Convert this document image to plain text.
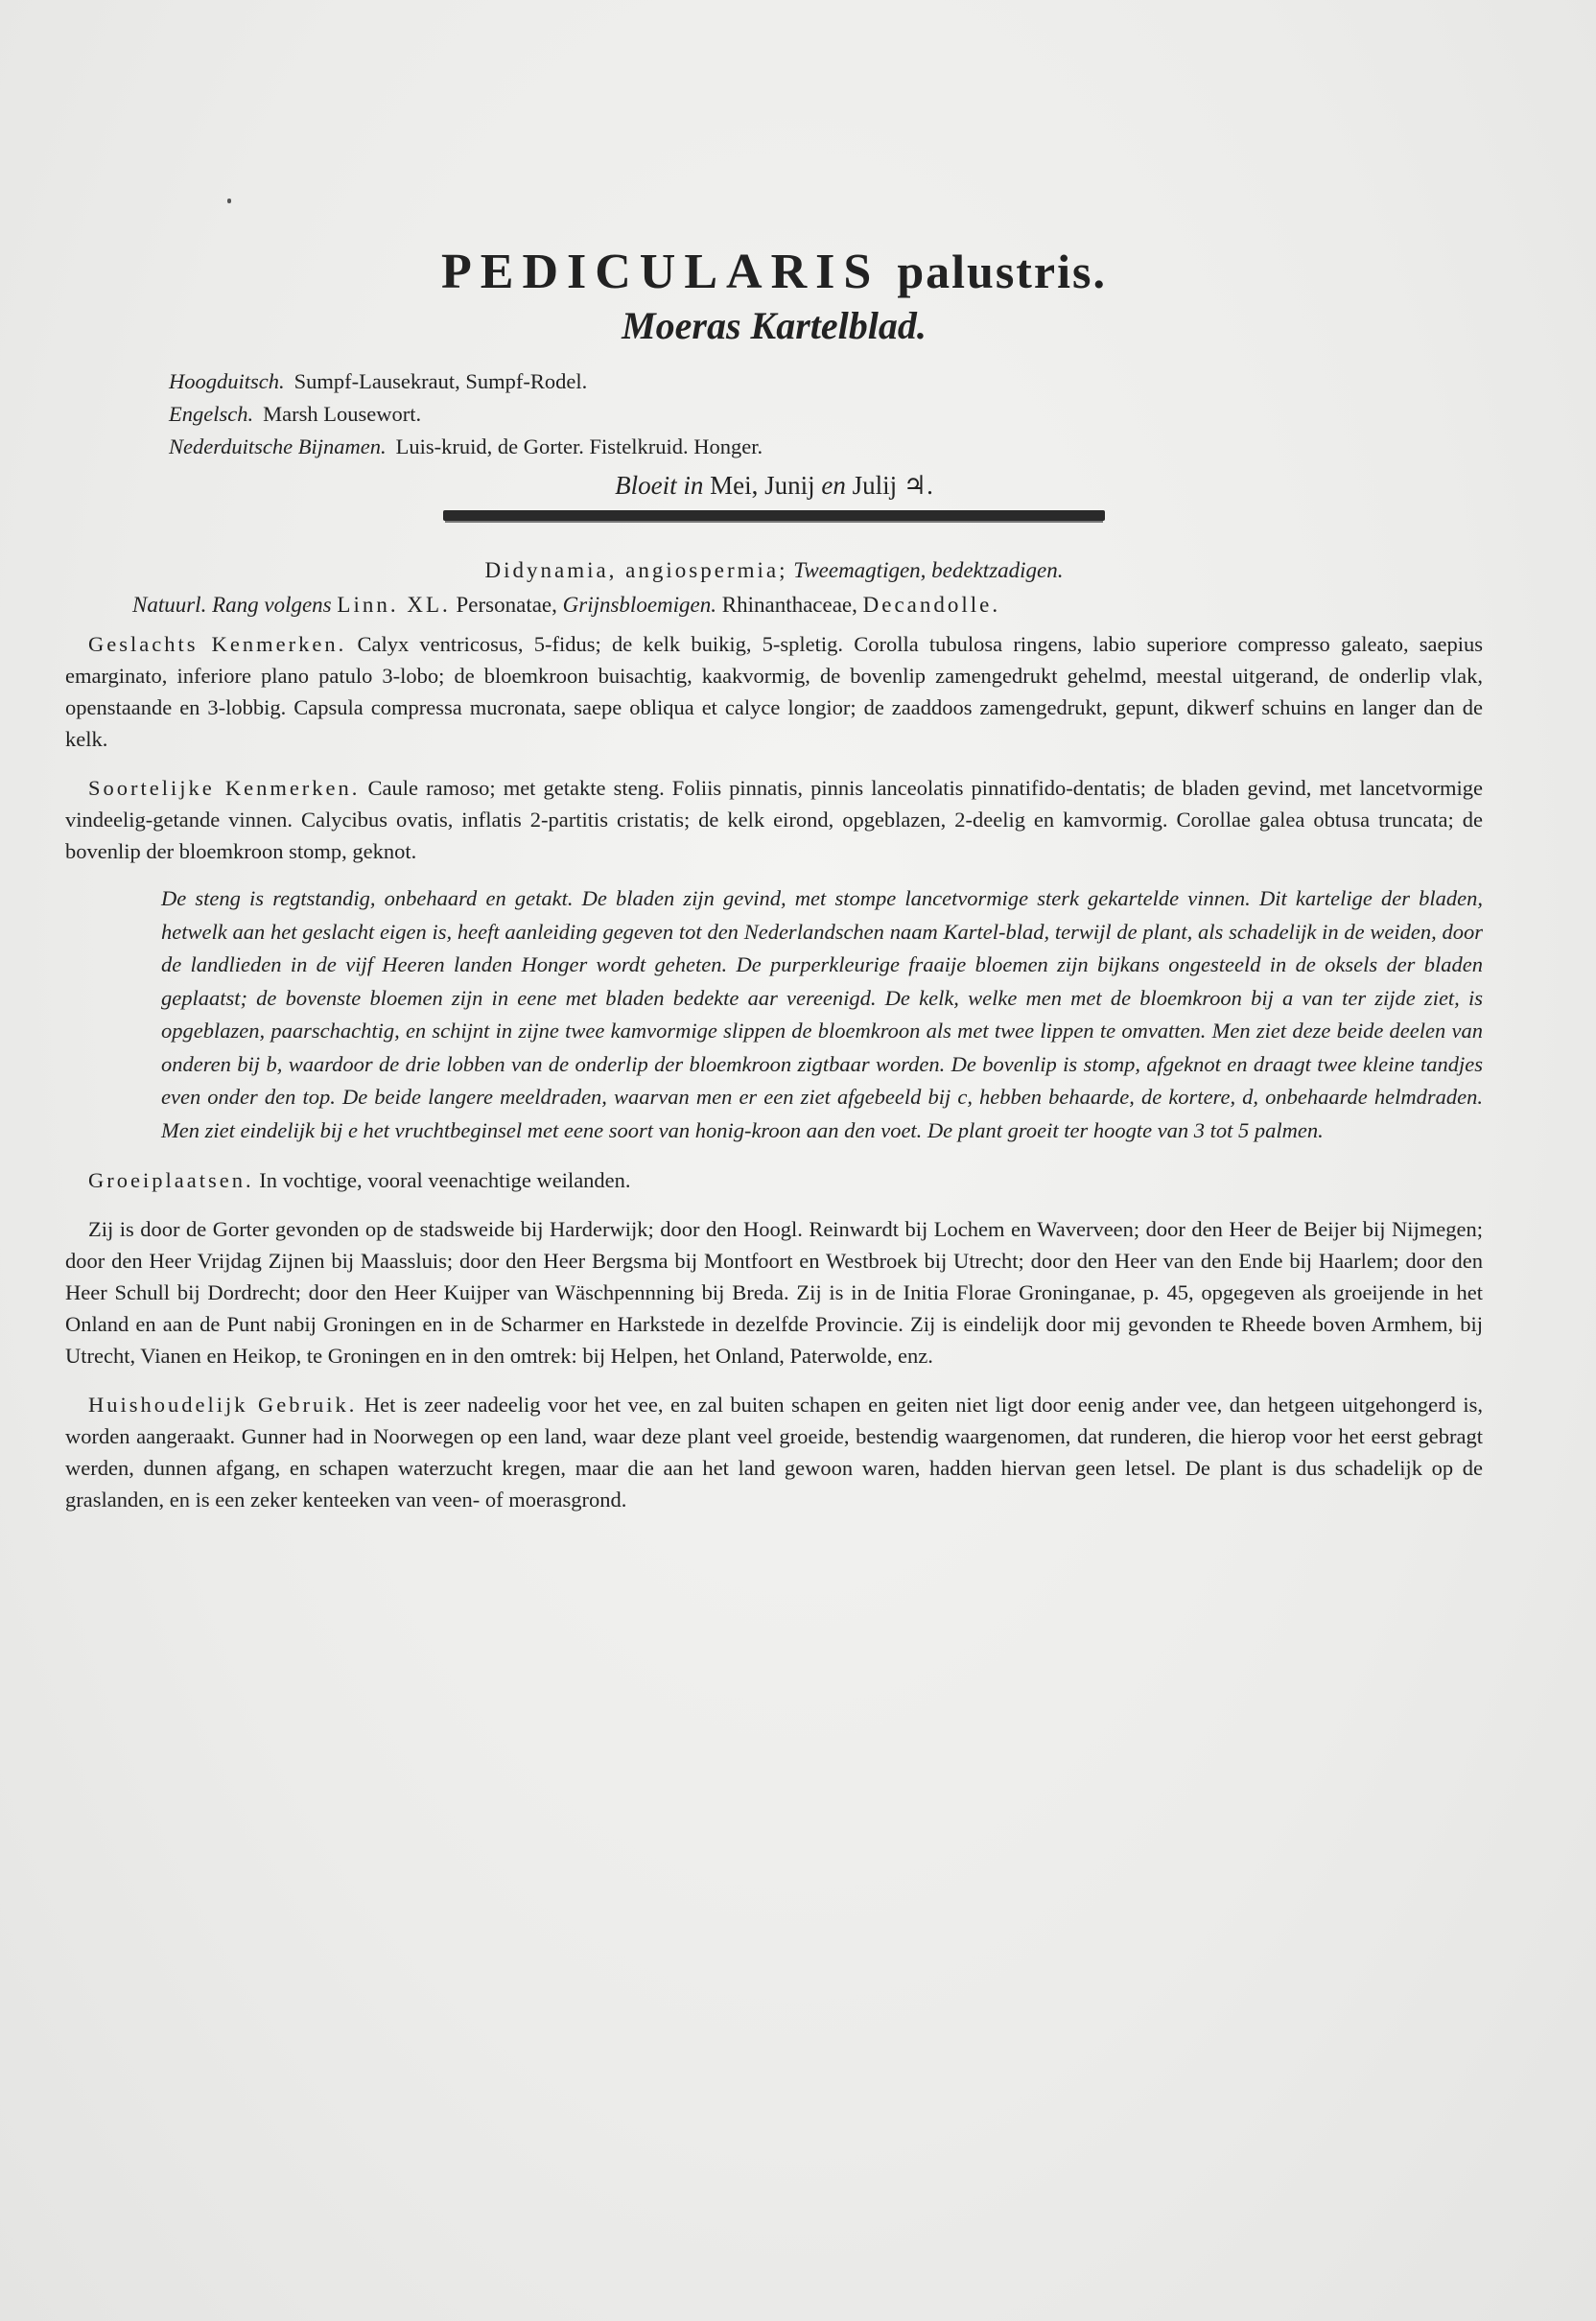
PEDICULARIS palustris.
Moeras Kartelblad.
Hoogduitsch. Sumpf-Lausekraut, Sumpf-Rodel.
Engelsch. Marsh Lousewort.
Nederduitsche Bijnamen. Luis-kruid, de Gorter. Fistelkruid. Honger.
Bloeit in Mei, Junij en Julij ♃.
Didynamia, angiospermia; Tweemagtigen, bedektzadigen.
Natuurl. Rang volgens Linn. XL. Personatae, Grijnsbloemigen. Rhinanthaceae, Decandolle.

Geslachts Kenmerken. Calyx ventricosus, 5-fidus; de kelk buikig, 5-spletig. Corolla tubulosa ringens, labio superiore compresso galeato, saepius emarginato, inferiore plano patulo 3-lobo; de bloemkroon buisachtig, kaakvormig, de bovenlip zamengedrukt gehelmd, meestal uitgerand, de onderlip vlak, openstaande en 3-lobbig. Capsula compressa mucronata, saepe obliqua et calyce longior; de zaaddoos zamengedrukt, gepunt, dikwerf schuins en langer dan de kelk.

Soortelijke Kenmerken. Caule ramoso; met getakte steng. Foliis pinnatis, pinnis lanceolatis pinnatifido-dentatis; de bladen gevind, met lancetvormige vindeelig-getande vinnen. Calycibus ovatis, inflatis 2-partitis cristatis; de kelk eirond, opgeblazen, 2-deelig en kamvormig. Corollae galea obtusa truncata; de bovenlip der bloemkroon stomp, geknot.

De steng is regtstandig, onbehaard en getakt. De bladen zijn gevind, met stompe lancetvormige sterk gekartelde vinnen. Dit kartelige der bladen, hetwelk aan het geslacht eigen is, heeft aanleiding gegeven tot den Nederlandschen naam Kartel-blad, terwijl de plant, als schadelijk in de weiden, door de landlieden in de vijf Heeren landen Honger wordt geheten. De purperkleurige fraaije bloemen zijn bijkans ongesteeld in de oksels der bladen geplaatst; de bovenste bloemen zijn in eene met bladen bedekte aar vereenigd. De kelk, welke men met de bloemkroon bij a van ter zijde ziet, is opgeblazen, paarschachtig, en schijnt in zijne twee kamvormige slippen de bloemkroon als met twee lippen te omvatten. Men ziet deze beide deelen van onderen bij b, waardoor de drie lobben van de onderlip der bloemkroon zigtbaar worden. De bovenlip is stomp, afgeknot en draagt twee kleine tandjes even onder den top. De beide langere meeldraden, waarvan men er een ziet afgebeeld bij c, hebben behaarde, de kortere, d, onbehaarde helmdraden. Men ziet eindelijk bij e het vruchtbeginsel met eene soort van honig-kroon aan den voet. De plant groeit ter hoogte van 3 tot 5 palmen.

Groeiplaatsen. In vochtige, vooral veenachtige weilanden.

Zij is door de Gorter gevonden op de stadsweide bij Harderwijk; door den Hoogl. Reinwardt bij Lochem en Waverveen; door den Heer de Beijer bij Nijmegen; door den Heer Vrijdag Zijnen bij Maassluis; door den Heer Bergsma bij Montfoort en Westbroek bij Utrecht; door den Heer van den Ende bij Haarlem; door den Heer Schull bij Dordrecht; door den Heer Kuijper van Wäschpennning bij Breda. Zij is in de Initia Florae Groninganae, p. 45, opgegeven als groeijende in het Onland en aan de Punt nabij Groningen en in de Scharmer en Harkstede in dezelfde Provincie. Zij is eindelijk door mij gevonden te Rheede boven Armhem, bij Utrecht, Vianen en Heikop, te Groningen en in den omtrek: bij Helpen, het Onland, Paterwolde, enz.

Huishoudelijk Gebruik. Het is zeer nadeelig voor het vee, en zal buiten schapen en geiten niet ligt door eenig ander vee, dan hetgeen uitgehongerd is, worden aangeraakt. Gunner had in Noorwegen op een land, waar deze plant veel groeide, bestendig waargenomen, dat runderen, die hierop voor het eerst gebragt werden, dunnen afgang, en schapen waterzucht kregen, maar die aan het land gewoon waren, hadden hiervan geen letsel. De plant is dus schadelijk op de graslanden, en is een zeker kenteeken van veen- of moerasgrond.
